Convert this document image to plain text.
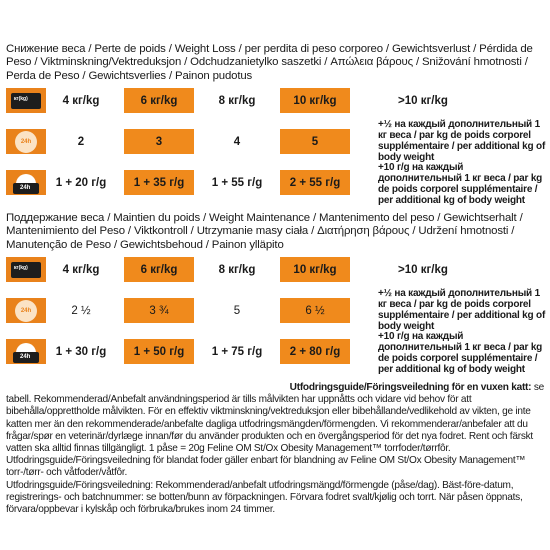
Снижение веса / Perte de poids / Weight Loss / per perdita di peso corporeo / Gewichtsverlust / Pérdida de Peso / Viktminskning/Vektreduksjon / Odchudzanietylko saszetki / Απώλεια βάρους / Snižování hmotnosti / Perda de Peso / Gewichtsverlies / Painon pudotus
кг(kg)	4 кг/kg	6 кг/kg	8 кг/kg	10 кг/kg	>10 кг/kg
24h	2	3	4	5
+½ на каждый дополнительный 1 кг веса / par kg de poids corporel supplémentaire / per additional kg of body weight
24h	1 + 20 г/g	1 + 35 г/g	1 + 55 г/g	2 + 55 г/g
+10 г/g на каждый дополнительный 1 кг веса / par kg de poids corporel supplémentaire / per additional kg of body weight
Поддержание веса / Maintien du poids / Weight Maintenance / Mantenimento del peso / Gewichtserhalt / Mantenimiento del Peso / Viktkontroll / Utrzymanie masy ciała / Διατήρηση βάρους / Udržení hmotnosti / Manutenção de Peso / Gewichtsbehoud / Painon ylläpito
кг(kg)	4 кг/kg	6 кг/kg	8 кг/kg	10 кг/kg	>10 кг/kg
24h	2 ½	3 ¾	5	6 ½
+½ на каждый дополнительный 1 кг веса / par kg de poids corporel supplémentaire / per additional kg of body weight
24h	1 + 30 г/g	1 + 50 г/g	1 + 75 г/g	2 + 80 г/g
+10 г/g на каждый дополнительный 1 кг веса / par kg de poids corporel supplémentaire / per additional kg of body weight
Utfodringsguide/Föringsveiledning för en vuxen katt: se
tabell. Rekommenderad/Anbefalt användningsperiod är tills målvikten har uppnåtts och vidare vid behov för att bibehålla/opprettholde målvikten. För en effektiv viktminskning/vektreduksjon eller bibehållande/vedlikehold av vikten, ge inte katten mer än den rekommenderade/anbefalte dagliga utfodringsmängden/förmengden. Vi rekommenderar/anbefaler att du frågar/spør en veterinär/dyrlæge innan/før du använder produkten och en övergångsperiod för det nya fodret. Rent och färskt vatten ska alltid finnas tillgängligt. 1 påse = 20g Feline OM St/Ox Obesity Management™ torrfoder/tørrfôr. Utfodringsguide/Föringsveiledning för blandat foder gäller enbart för blandning av Feline OM St/Ox Obesity Management™ torr-/tørr- och våtfoder/våtfôr.
Utfodringsguide/Föringsveiledning: Rekommenderad/anbefalt utfodringsmängd/förmengde (påse/dag). Bäst-före-datum, registrerings- och batchnummer: se botten/bunn av förpackningen. Förvara fodret svalt/kjølig och torrt. När påsen öppnats, förvara/oppbevar i kylskåp och förbruka/brukes inom 24 timmer.
